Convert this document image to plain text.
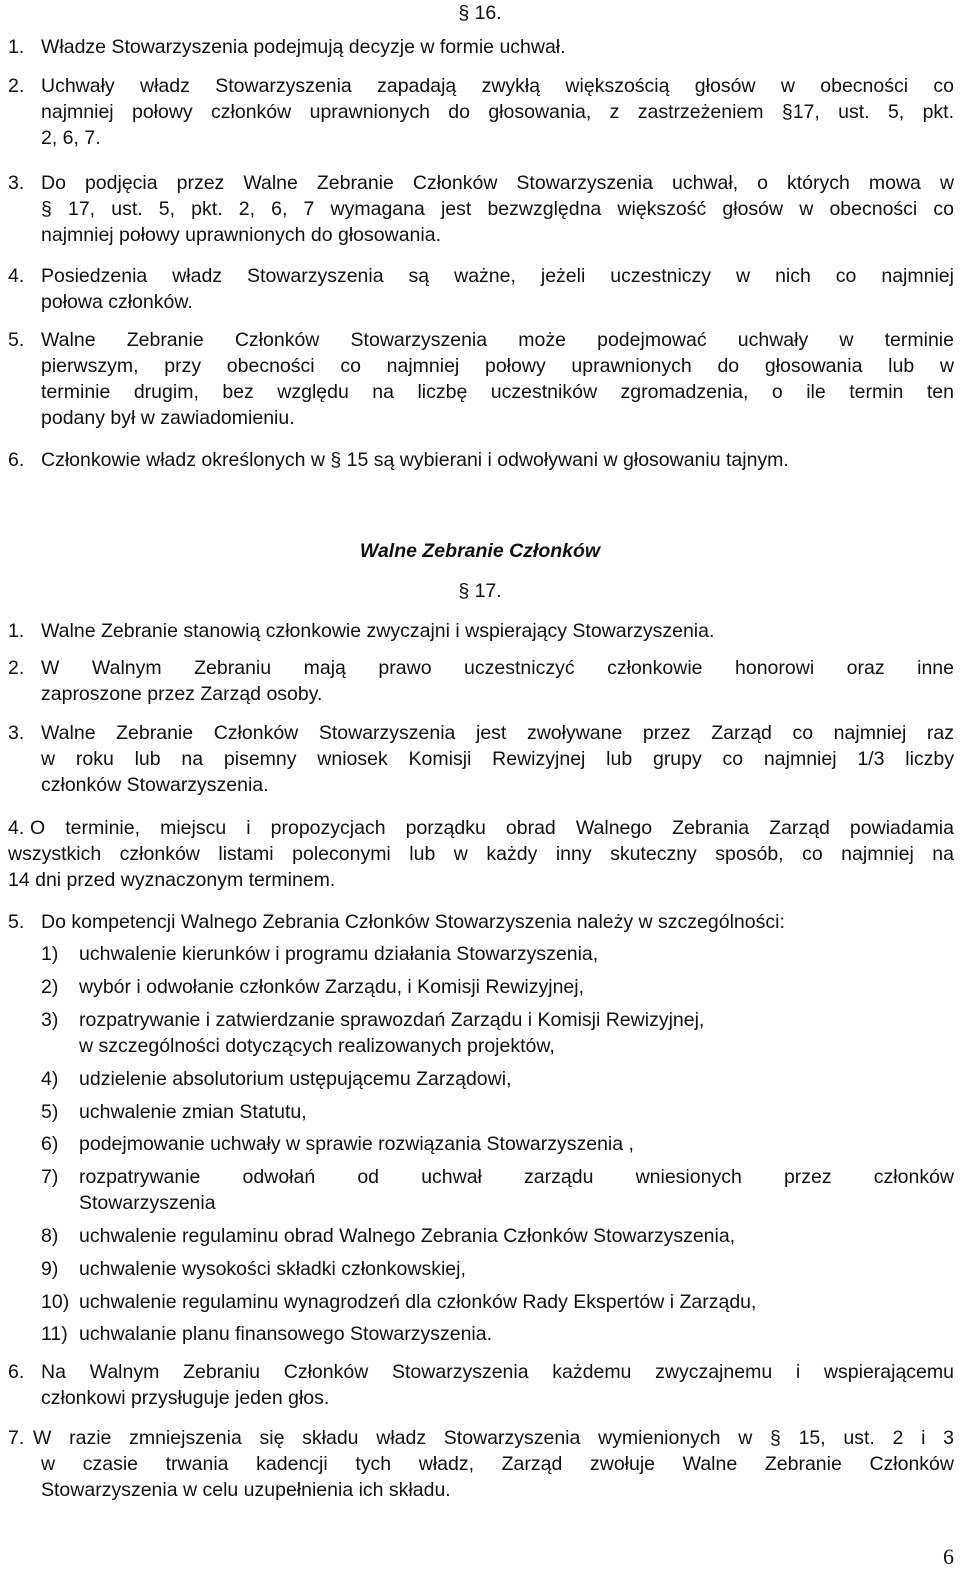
§ 16.
1. Władze Stowarzyszenia podejmują decyzje w formie uchwał.
2. Uchwały władz Stowarzyszenia zapadają zwykłą większością głosów w obecności co
najmniej połowy członków uprawnionych do głosowania, z zastrzeżeniem §17, ust. 5, pkt.
2, 6, 7.
3. Do podjęcia przez Walne Zebranie Członków Stowarzyszenia uchwał, o których mowa w
§ 17, ust. 5, pkt. 2, 6, 7 wymagana jest bezwzględna większość głosów w obecności co
najmniej połowy uprawnionych do głosowania.
4. Posiedzenia władz Stowarzyszenia są ważne, jeżeli uczestniczy w nich co najmniej
połowa członków.
5. Walne Zebranie Członków Stowarzyszenia może podejmować uchwały w terminie
pierwszym, przy obecności co najmniej połowy uprawnionych do głosowania lub w
terminie drugim, bez względu na liczbę uczestników zgromadzenia, o ile termin ten
podany był w zawiadomieniu.
6. Członkowie władz określonych w § 15 są wybierani i odwoływani w głosowaniu tajnym.
Walne Zebranie Członków
§ 17.
1. Walne Zebranie stanowią członkowie zwyczajni i wspierający Stowarzyszenia.
2. W Walnym Zebraniu mają prawo uczestniczyć członkowie honorowi oraz inne
zaproszone przez Zarząd osoby.
3. Walne Zebranie Członków Stowarzyszenia jest zwoływane przez Zarząd co najmniej raz
w roku lub na pisemny wniosek Komisji Rewizyjnej lub grupy co najmniej 1/3 liczby
członków Stowarzyszenia.
4. O terminie, miejscu i propozycjach porządku obrad Walnego Zebrania Zarząd powiadamia
wszystkich członków listami poleconymi lub w każdy inny skuteczny sposób, co najmniej na
14 dni przed wyznaczonym terminem.
5. Do kompetencji Walnego Zebrania Członków Stowarzyszenia należy w szczególności:
1) uchwalenie kierunków i programu działania Stowarzyszenia,
2) wybór i odwołanie członków Zarządu, i Komisji Rewizyjnej,
3) rozpatrywanie i zatwierdzanie sprawozdań Zarządu i Komisji Rewizyjnej,
w szczególności dotyczących realizowanych projektów,
4) udzielenie absolutorium ustępującemu Zarządowi,
5) uchwalenie zmian Statutu,
6) podejmowanie uchwały w sprawie rozwiązania Stowarzyszenia ,
7) rozpatrywanie odwołań od uchwał zarządu wniesionych przez członków
Stowarzyszenia
8) uchwalenie regulaminu obrad Walnego Zebrania Członków Stowarzyszenia,
9) uchwalenie wysokości składki członkowskiej,
10) uchwalenie regulaminu wynagrodzeń dla członków Rady Ekspertów i Zarządu,
11) uchwalanie planu finansowego Stowarzyszenia.
6. Na Walnym Zebraniu Członków Stowarzyszenia każdemu zwyczajnemu i wspierającemu
członkowi przysługuje jeden głos.
7. W razie zmniejszenia się składu władz Stowarzyszenia wymienionych w § 15, ust. 2 i 3
w czasie trwania kadencji tych władz, Zarząd zwołuje Walne Zebranie Członków
Stowarzyszenia w celu uzupełnienia ich składu.
6
